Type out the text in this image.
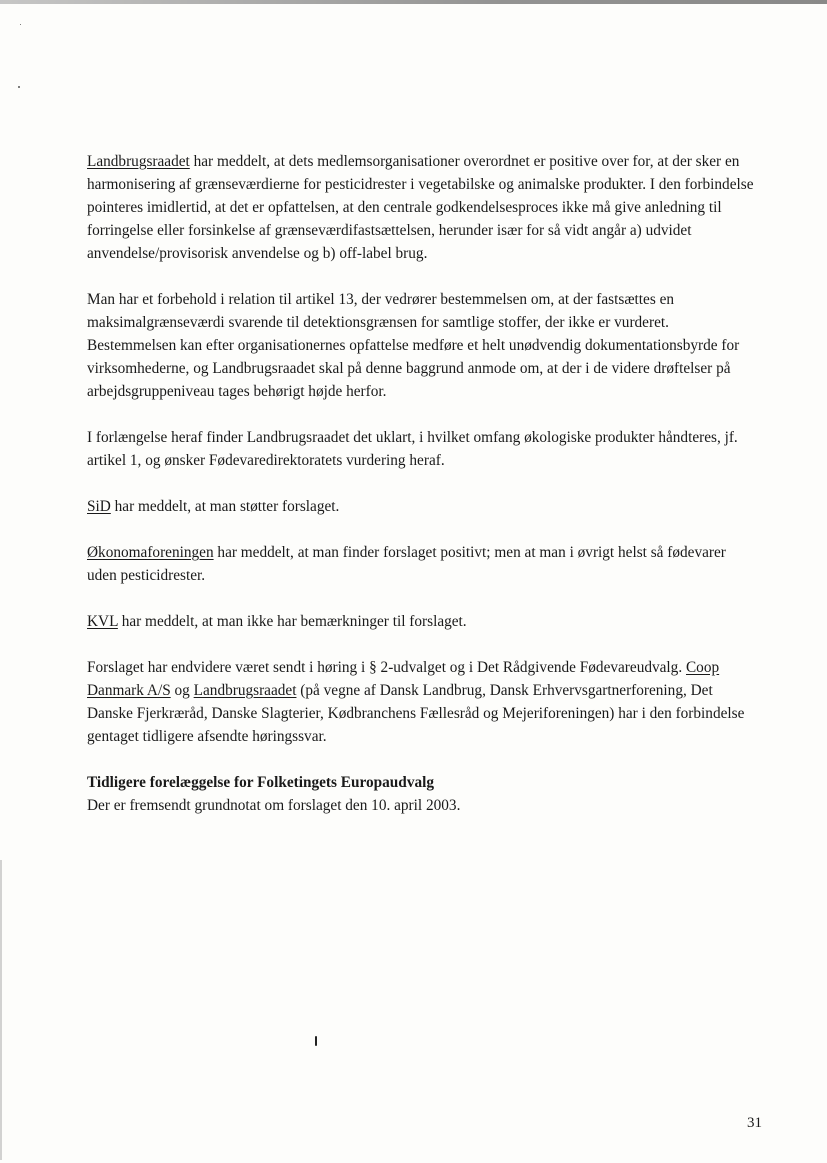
Landbrugsraadet har meddelt, at dets medlemsorganisationer overordnet er positive over for, at der sker en harmonisering af grænseværdierne for pesticidrester i vegetabilske og animalske produkter. I den forbindelse pointeres imidlertid, at det er opfattelsen, at den centrale godkendelsesproces ikke må give anledning til forringelse eller forsinkelse af grænseværdifastsættelsen, herunder især for så vidt angår a) udvidet anvendelse/provisorisk anvendelse og b) off-label brug.

Man har et forbehold i relation til artikel 13, der vedrører bestemmelsen om, at der fastsættes en maksimalgrænseværdi svarende til detektionsgrænsen for samtlige stoffer, der ikke er vurderet. Bestemmelsen kan efter organisationernes opfattelse medføre et helt unødvendig dokumentationsbyrde for virksomhederne, og Landbrugsraadet skal på denne baggrund anmode om, at der i de videre drøftelser på arbejdsgruppeniveau tages behørigt højde herfor.

I forlængelse heraf finder Landbrugsraadet det uklart, i hvilket omfang økologiske produkter håndteres, jf. artikel 1, og ønsker Fødevaredirektoratets vurdering heraf.

SiD har meddelt, at man støtter forslaget.

Økonomaforeningen har meddelt, at man finder forslaget positivt; men at man i øvrigt helst så fødevarer uden pesticidrester.

KVL har meddelt, at man ikke har bemærkninger til forslaget.

Forslaget har endvidere været sendt i høring i § 2-udvalget og i Det Rådgivende Fødevareudvalg. Coop Danmark A/S og Landbrugsraadet (på vegne af Dansk Landbrug, Dansk Erhvervsgartnerforening, Det Danske Fjerkræråd, Danske Slagterier, Kødbranchens Fællesråd og Mejeriforeningen) har i den forbindelse gentaget tidligere afsendte høringssvar.

Tidligere forelæggelse for Folketingets Europaudvalg
Der er fremsendt grundnotat om forslaget den 10. april 2003.

31
